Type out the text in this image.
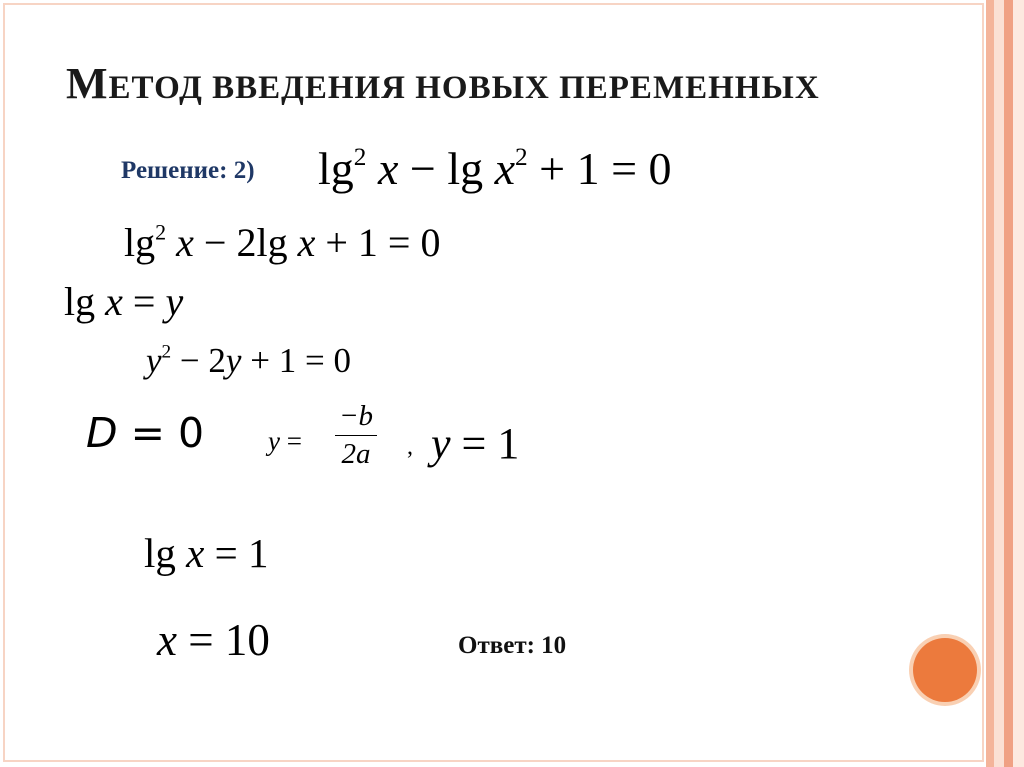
МЕТОД ВВЕДЕНИЯ НОВЫХ ПЕРЕМЕННЫХ
Решение: 2) $\lg^2 x - \lg x^2 + 1 = 0$
$\lg^2 x - 2\lg$ x + 1 = 0
lg x = y
$y^2 - 2y + 1 = 0$
D = 0 $y = \frac{-b}{2a}$ , y = 1
lg x = 1
x = 10	Ответ: 10
